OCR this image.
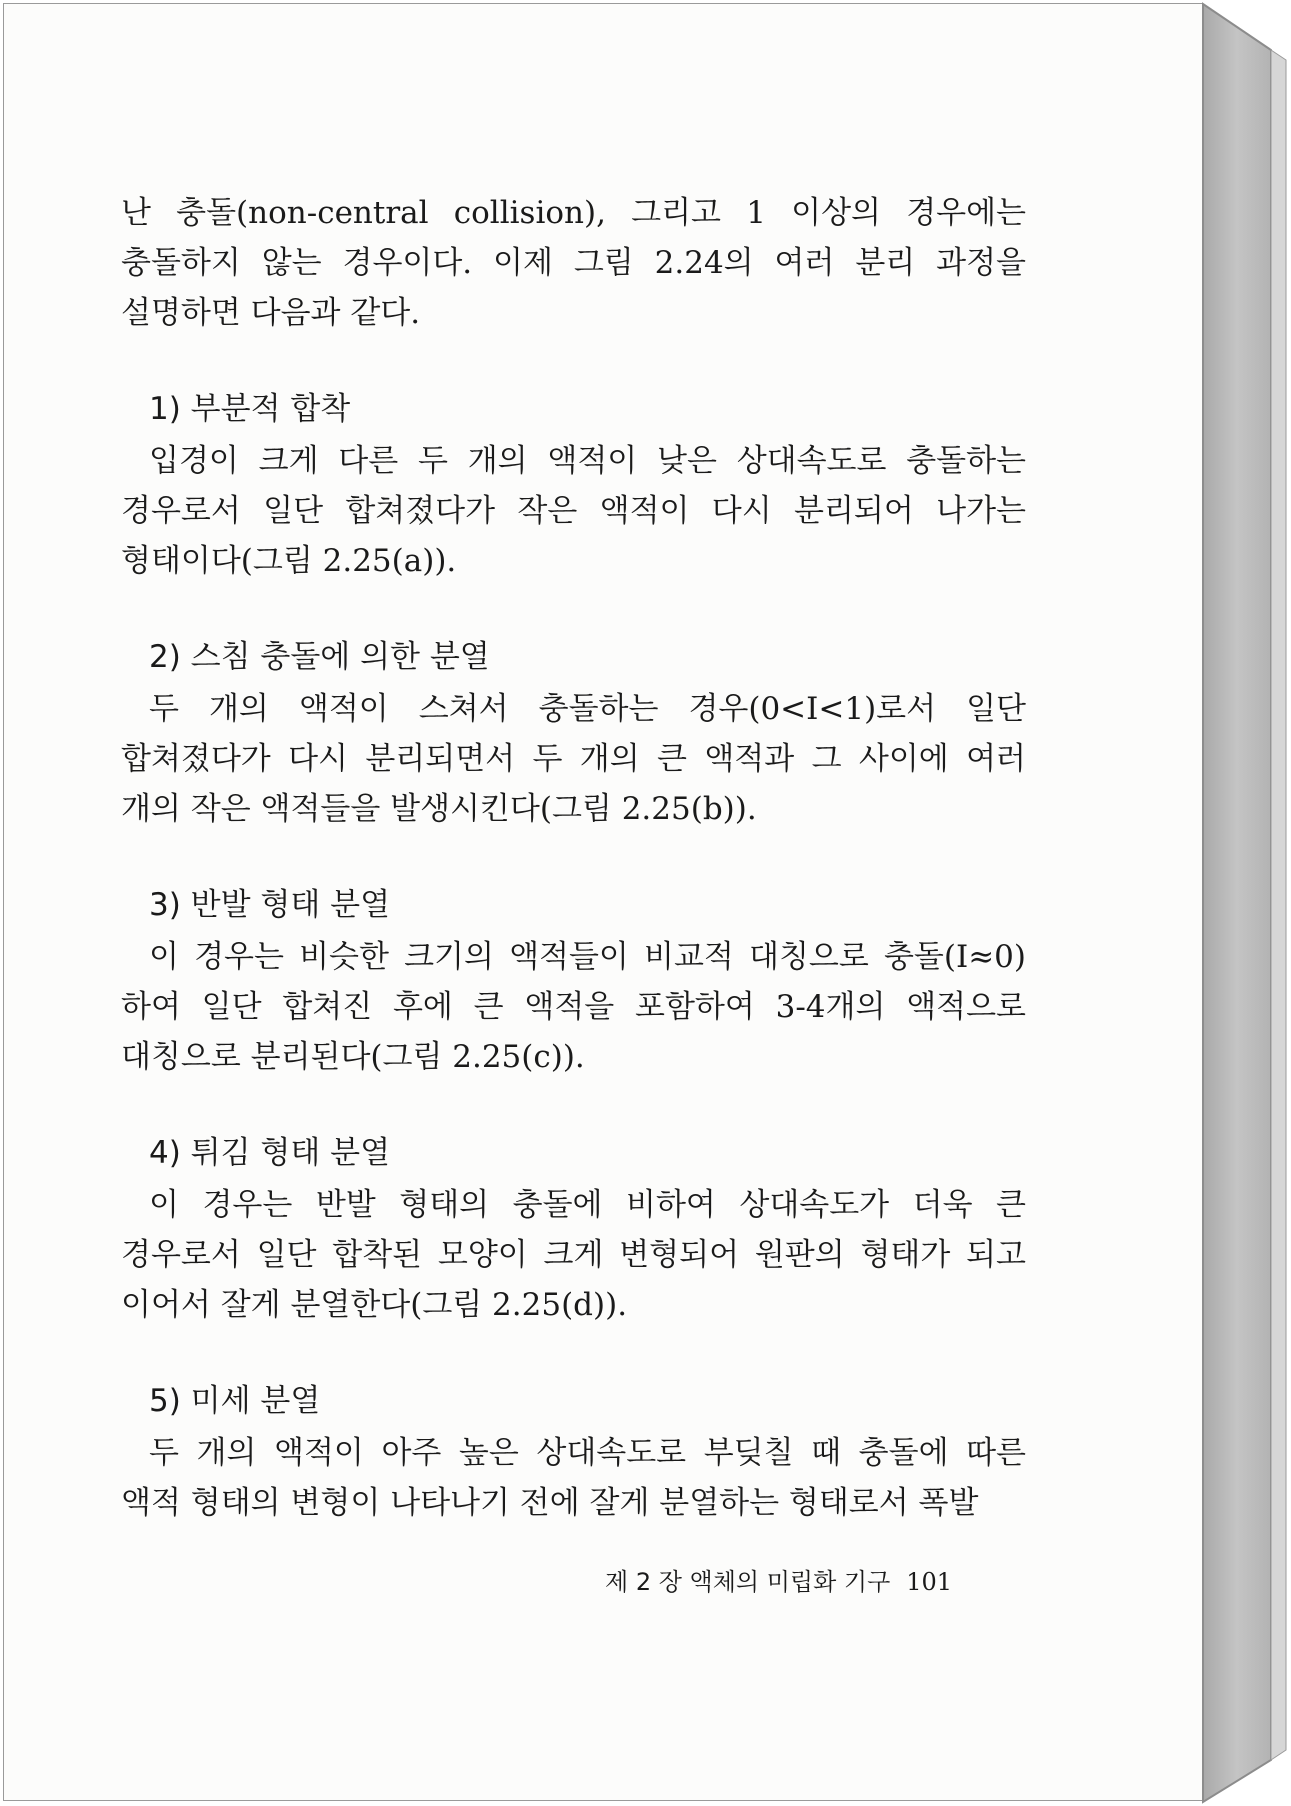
난 충돌(non-central collision), 그리고 1 이상의 경우에는 충돌하지 않는 경우이다. 이제 그림 2.24의 여러 분리 과정을 설명하면 다음과 같다.

1) 부분적 합착

입경이 크게 다른 두 개의 액적이 낮은 상대속도로 충돌하는 경우로서 일단 합쳐졌다가 작은 액적이 다시 분리되어 나가는 형태이다(그림 2.25(a)).

2) 스침 충돌에 의한 분열

두 개의 액적이 스쳐서 충돌하는 경우(0<I<1)로서 일단 합쳐졌다가 다시 분리되면서 두 개의 큰 액적과 그 사이에 여러 개의 작은 액적들을 발생시킨다(그림 2.25(b)).

3) 반발 형태 분열

이 경우는 비슷한 크기의 액적들이 비교적 대칭으로 충돌(I≈0)하여 일단 합쳐진 후에 큰 액적을 포함하여 3-4개의 액적으로 대칭으로 분리된다(그림 2.25(c)).

4) 튀김 형태 분열

이 경우는 반발 형태의 충돌에 비하여 상대속도가 더욱 큰 경우로서 일단 합착된 모양이 크게 변형되어 원판의 형태가 되고 이어서 잘게 분열한다(그림 2.25(d)).

5) 미세 분열

두 개의 액적이 아주 높은 상대속도로 부딪칠 때 충돌에 따른 액적 형태의 변형이 나타나기 전에 잘게 분열하는 형태로서 폭발

제 2 장 액체의 미립화 기구 101
